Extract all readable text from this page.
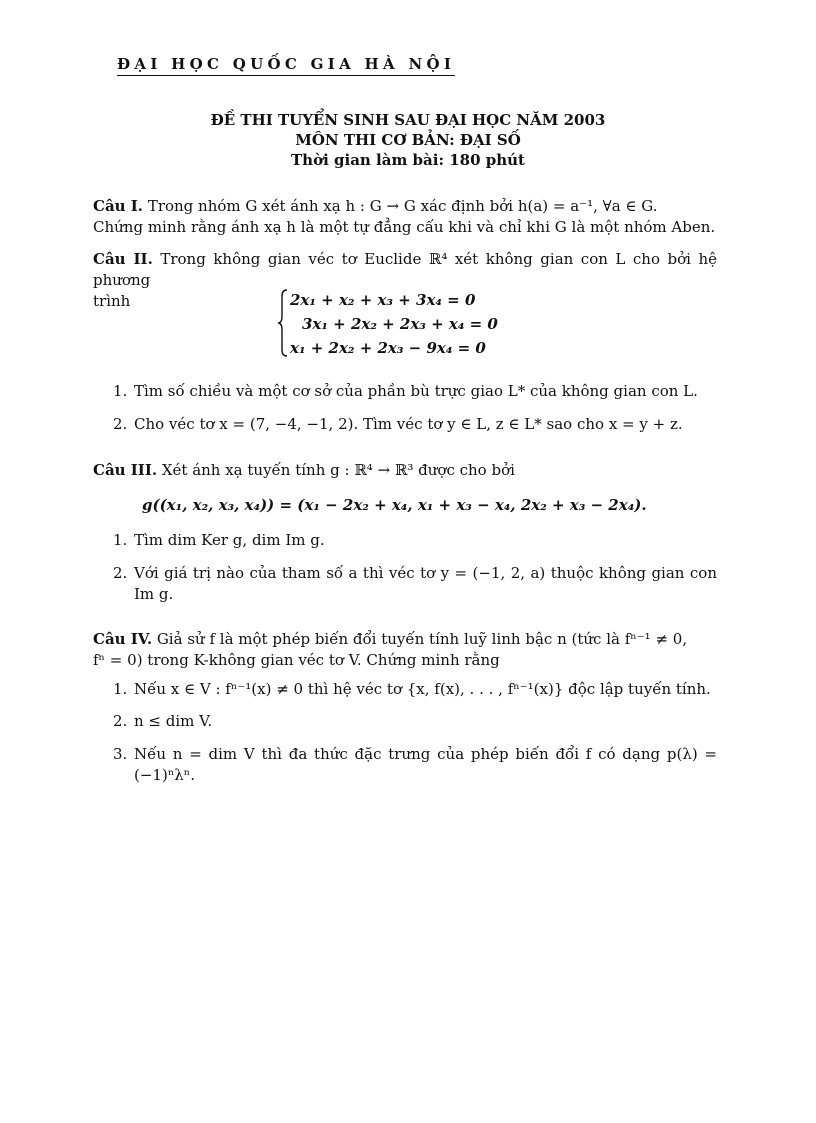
ĐẠI HỌC QUỐC GIA HÀ NỘI
ĐỀ THI TUYỂN SINH SAU ĐẠI HỌC NĂM 2003
MÔN THI CƠ BẢN: ĐẠI SỐ
Thời gian làm bài: 180 phút
Câu I. Trong nhóm G xét ánh xạ h : G → G xác định bởi h(a) = a⁻¹, ∀a ∈ G.
Chứng minh rằng ánh xạ h là một tự đẳng cấu khi và chỉ khi G là một nhóm Aben.
Câu II. Trong không gian véc tơ Euclide ℝ⁴ xét không gian con L cho bởi hệ phương
trình	2x₁ + x₂ + x₃ + 3x₄ = 0
3x₁ + 2x₂ + 2x₃ + x₄ = 0
x₁ + 2x₂ + 2x₃ − 9x₄ = 0
1. Tìm số chiều và một cơ sở của phần bù trực giao L* của không gian con L.
2. Cho véc tơ x = (7, −4, −1, 2). Tìm véc tơ y ∈ L, z ∈ L* sao cho x = y + z.
Câu III. Xét ánh xạ tuyến tính g : ℝ⁴ → ℝ³ được cho bởi
g((x₁, x₂, x₃, x₄)) = (x₁ − 2x₂ + x₄, x₁ + x₃ − x₄, 2x₂ + x₃ − 2x₄).
1. Tìm dim Ker g, dim Im g.
2. Với giá trị nào của tham số a thì véc tơ y = (−1, 2, a) thuộc không gian con Im g.
Câu IV. Giả sử f là một phép biến đổi tuyến tính luỹ linh bậc n (tức là fⁿ⁻¹ ≠ 0,
fⁿ = 0) trong K-không gian véc tơ V. Chứng minh rằng
1. Nếu x ∈ V : fⁿ⁻¹(x) ≠ 0 thì hệ véc tơ {x, f(x), . . . , fⁿ⁻¹(x)} độc lập tuyến tính.
2. n ≤ dim V.
3. Nếu n = dim V thì đa thức đặc trưng của phép biến đổi f có dạng p(λ) = (−1)ⁿλⁿ.
